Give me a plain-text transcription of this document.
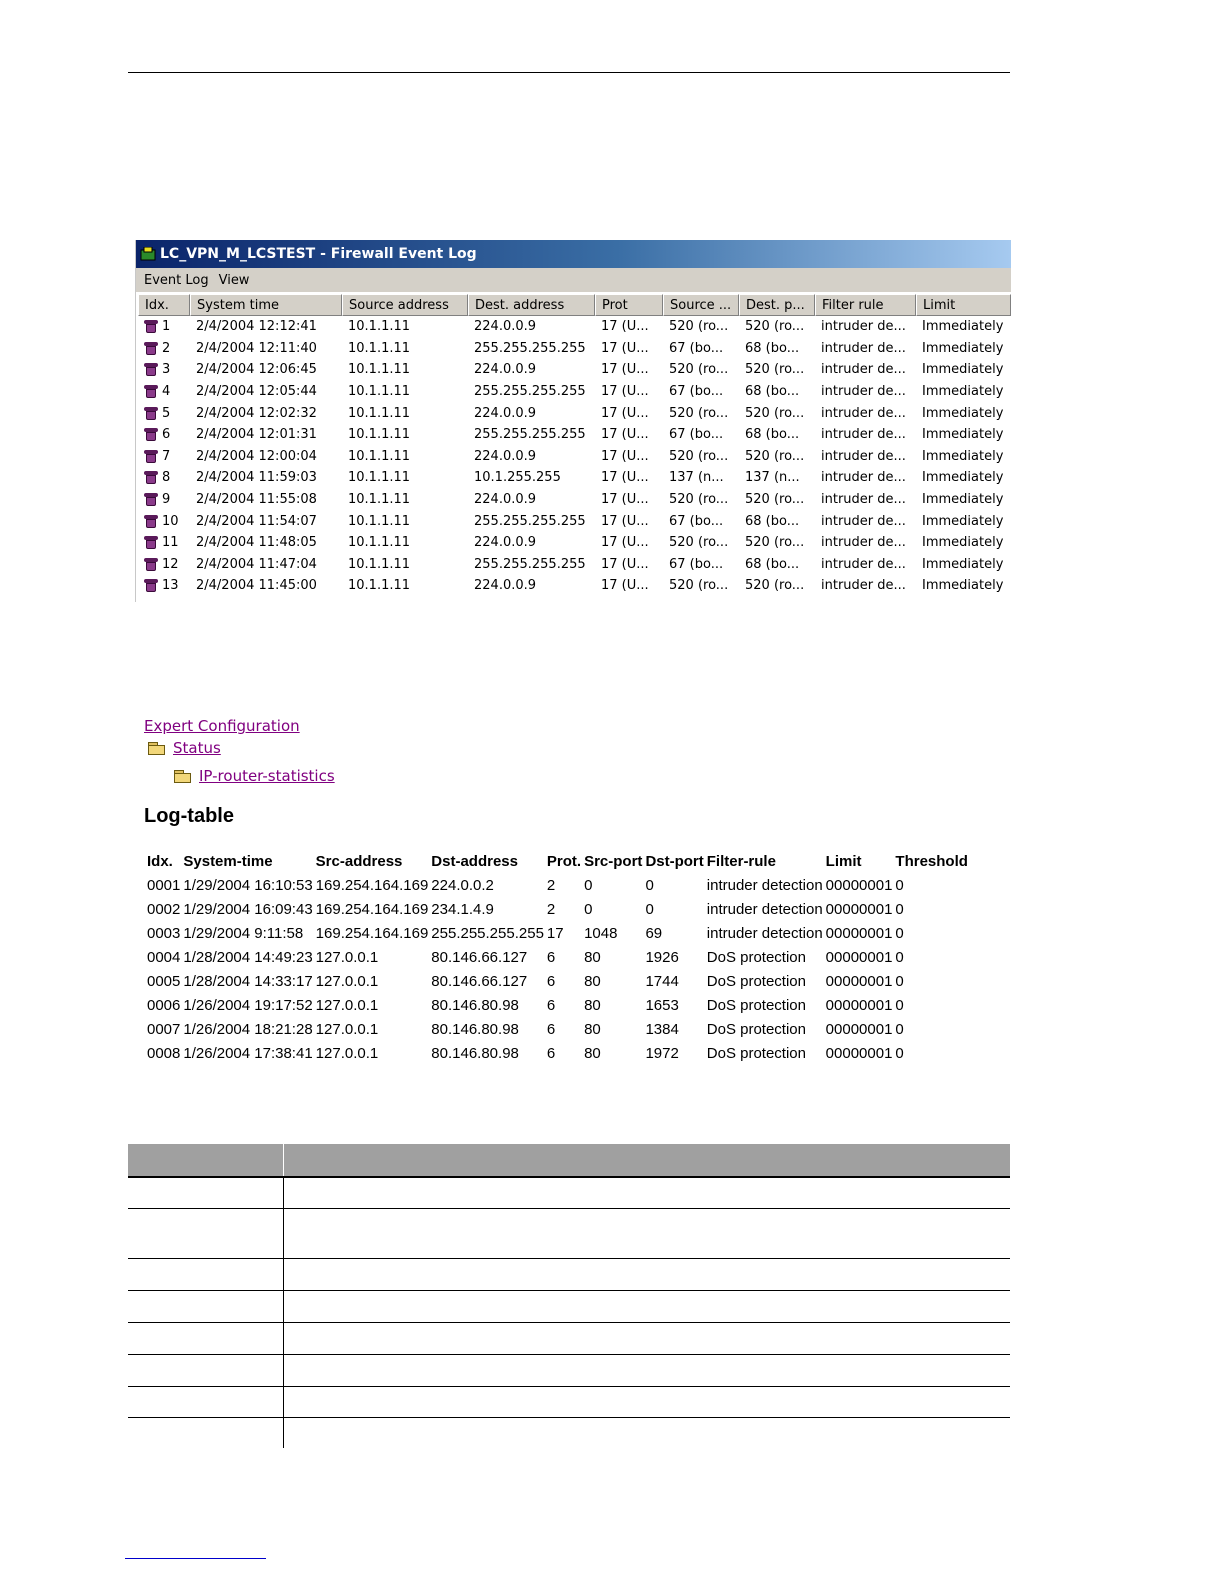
LC_VPN_M_LCSTEST - Firewall Event Log
Event Log View
Idx.	System time	Source address	Dest. address	Prot	Source ...	Dest. p...	Filter rule	Limit
1	2/4/2004 12:12:41	10.1.1.11	224.0.0.9	17 (U...	520 (ro...	520 (ro...	intruder de...	Immediately
2	2/4/2004 12:11:40	10.1.1.11	255.255.255.255	17 (U...	67 (bo...	68 (bo...	intruder de...	Immediately
3	2/4/2004 12:06:45	10.1.1.11	224.0.0.9	17 (U...	520 (ro...	520 (ro...	intruder de...	Immediately
4	2/4/2004 12:05:44	10.1.1.11	255.255.255.255	17 (U...	67 (bo...	68 (bo...	intruder de...	Immediately
5	2/4/2004 12:02:32	10.1.1.11	224.0.0.9	17 (U...	520 (ro...	520 (ro...	intruder de...	Immediately
6	2/4/2004 12:01:31	10.1.1.11	255.255.255.255	17 (U...	67 (bo...	68 (bo...	intruder de...	Immediately
7	2/4/2004 12:00:04	10.1.1.11	224.0.0.9	17 (U...	520 (ro...	520 (ro...	intruder de...	Immediately
8	2/4/2004 11:59:03	10.1.1.11	10.1.255.255	17 (U...	137 (n...	137 (n...	intruder de...	Immediately
9	2/4/2004 11:55:08	10.1.1.11	224.0.0.9	17 (U...	520 (ro...	520 (ro...	intruder de...	Immediately
10	2/4/2004 11:54:07	10.1.1.11	255.255.255.255	17 (U...	67 (bo...	68 (bo...	intruder de...	Immediately
11	2/4/2004 11:48:05	10.1.1.11	224.0.0.9	17 (U...	520 (ro...	520 (ro...	intruder de...	Immediately
12	2/4/2004 11:47:04	10.1.1.11	255.255.255.255	17 (U...	67 (bo...	68 (bo...	intruder de...	Immediately
13	2/4/2004 11:45:00	10.1.1.11	224.0.0.9	17 (U...	520 (ro...	520 (ro...	intruder de...	Immediately
Expert Configuration
Status
IP-router-statistics
Log-table
Idx.	System-time	Src-address	Dst-address	Prot.	Src-port	Dst-port	Filter-rule	Limit	Threshold
0001	1/29/2004 16:10:53	169.254.164.169	224.0.0.2	2	0	0	intruder detection	00000001	0
0002	1/29/2004 16:09:43	169.254.164.169	234.1.4.9	2	0	0	intruder detection	00000001	0
0003	1/29/2004 9:11:58	169.254.164.169	255.255.255.255	17	1048	69	intruder detection	00000001	0
0004	1/28/2004 14:49:23	127.0.0.1	80.146.66.127	6	80	1926	DoS protection	00000001	0
0005	1/28/2004 14:33:17	127.0.0.1	80.146.66.127	6	80	1744	DoS protection	00000001	0
0006	1/26/2004 19:17:52	127.0.0.1	80.146.80.98	6	80	1653	DoS protection	00000001	0
0007	1/26/2004 18:21:28	127.0.0.1	80.146.80.98	6	80	1384	DoS protection	00000001	0
0008	1/26/2004 17:38:41	127.0.0.1	80.146.80.98	6	80	1972	DoS protection	00000001	0
